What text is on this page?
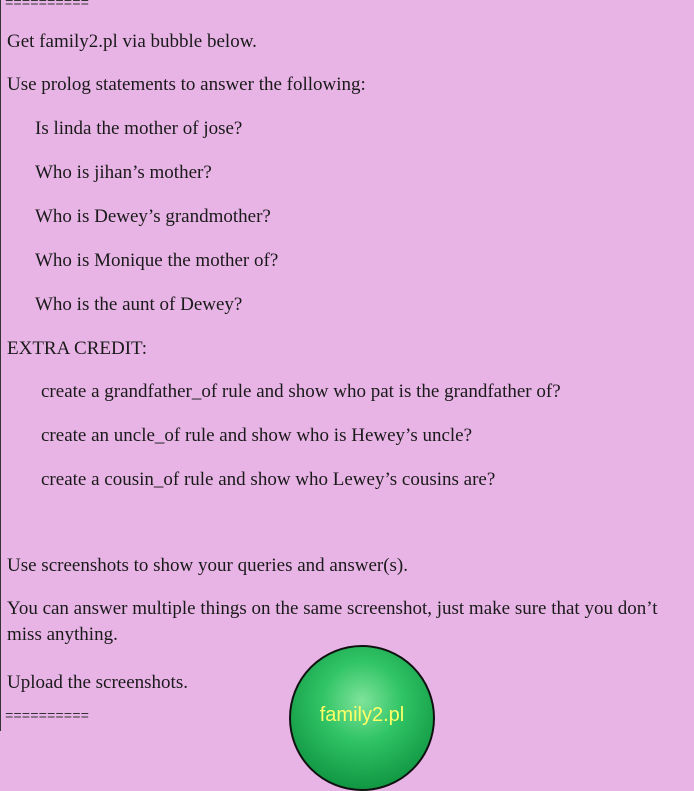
==========
Get family2.pl via bubble below.
Use prolog statements to answer the following:
Is linda the mother of jose?
Who is jihan’s mother?
Who is Dewey’s grandmother?
Who is Monique the mother of?
Who is the aunt of Dewey?
EXTRA CREDIT:
create a grandfather_of rule and show who pat is the grandfather of?
create an uncle_of rule and show who is Hewey’s uncle?
create a cousin_of rule and show who Lewey’s cousins are?
Use screenshots to show your queries and answer(s).
You can answer multiple things on the same screenshot, just make sure that you don’t miss anything.
Upload the screenshots.
==========	family2.pl
